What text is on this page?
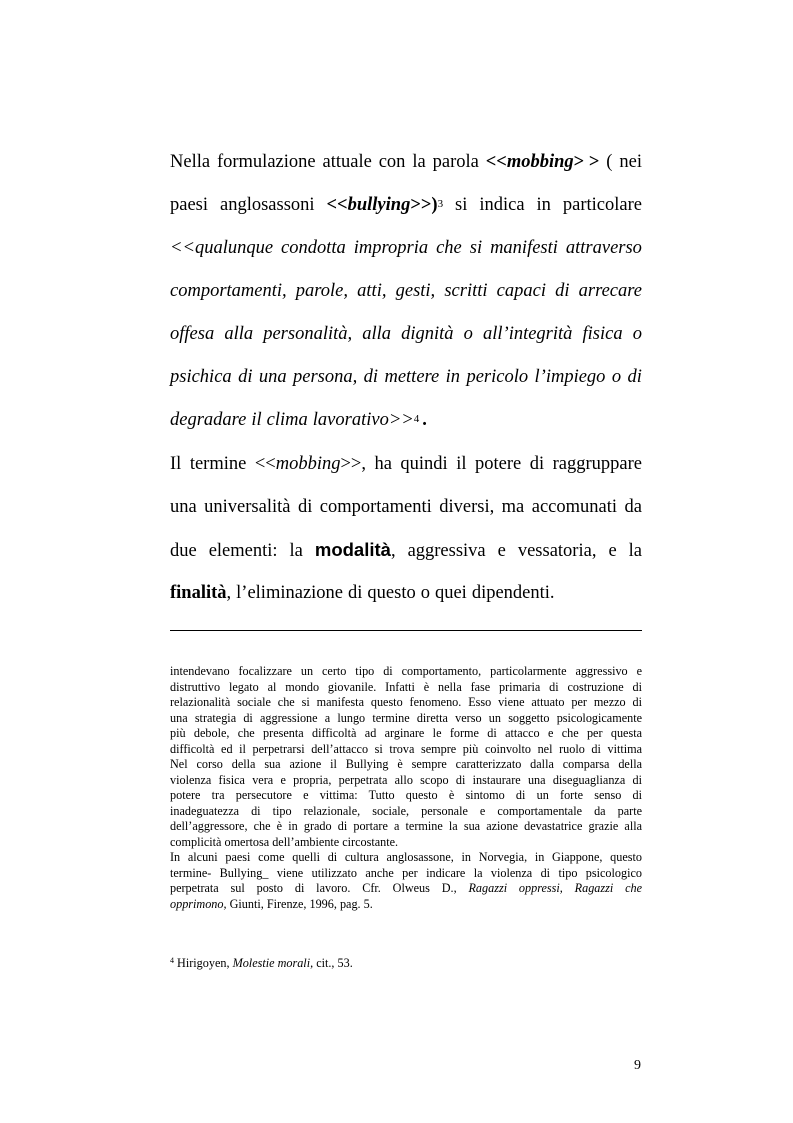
Nella formulazione attuale con la parola <<mobbing> > ( nei
paesi anglosassoni <<bullying>>)$^3$ si indica in particolare
<<qualunque condotta impropria che si manifesti attraverso
comportamenti, parole, atti, gesti, scritti capaci di arrecare
offesa alla personalità, alla dignità o all’integrità fisica o
psichica di una persona, di mettere in pericolo l’impiego o di
degradare il clima lavorativo>>$^4$ .
Il termine <<mobbing>>, ha quindi il potere di raggruppare
una universalità di comportamenti diversi, ma accomunati da
due elementi: la modalità, aggressiva e vessatoria, e la
finalità, l’eliminazione di questo o quei dipendenti.
intendevano focalizzare un certo tipo di comportamento, particolarmente aggressivo e
distruttivo legato al mondo giovanile. Infatti è nella fase primaria di costruzione di
relazionalità sociale che si manifesta questo fenomeno. Esso viene attuato per mezzo di
una strategia di aggressione a lungo termine diretta verso un soggetto psicologicamente
più debole, che presenta difficoltà ad arginare le forme di attacco e che per questa
difficoltà ed il perpetrarsi dell’attacco si trova sempre più coinvolto nel ruolo di vittima
Nel corso della sua azione il Bullying è sempre caratterizzato dalla comparsa della
violenza fisica vera e propria, perpetrata allo scopo di instaurare una diseguaglianza di
potere tra persecutore e vittima: Tutto questo è sintomo di un forte senso di
inadeguatezza di tipo relazionale, sociale, personale e comportamentale da parte
dell’aggressore, che è in grado di portare a termine la sua azione devastatrice grazie alla
complicità omertosa dell’ambiente circostante.
In alcuni paesi come quelli di cultura anglosassone, in Norvegia, in Giappone, questo
termine- Bullying_ viene utilizzato anche per indicare la violenza di tipo psicologico
perpetrata sul posto di lavoro. Cfr. Olweus D., Ragazzi oppressi, Ragazzi che
opprimono, Giunti, Firenze, 1996, pag. 5.
$^4$ Hirigoyen, Molestie morali, cit., 53.
9
